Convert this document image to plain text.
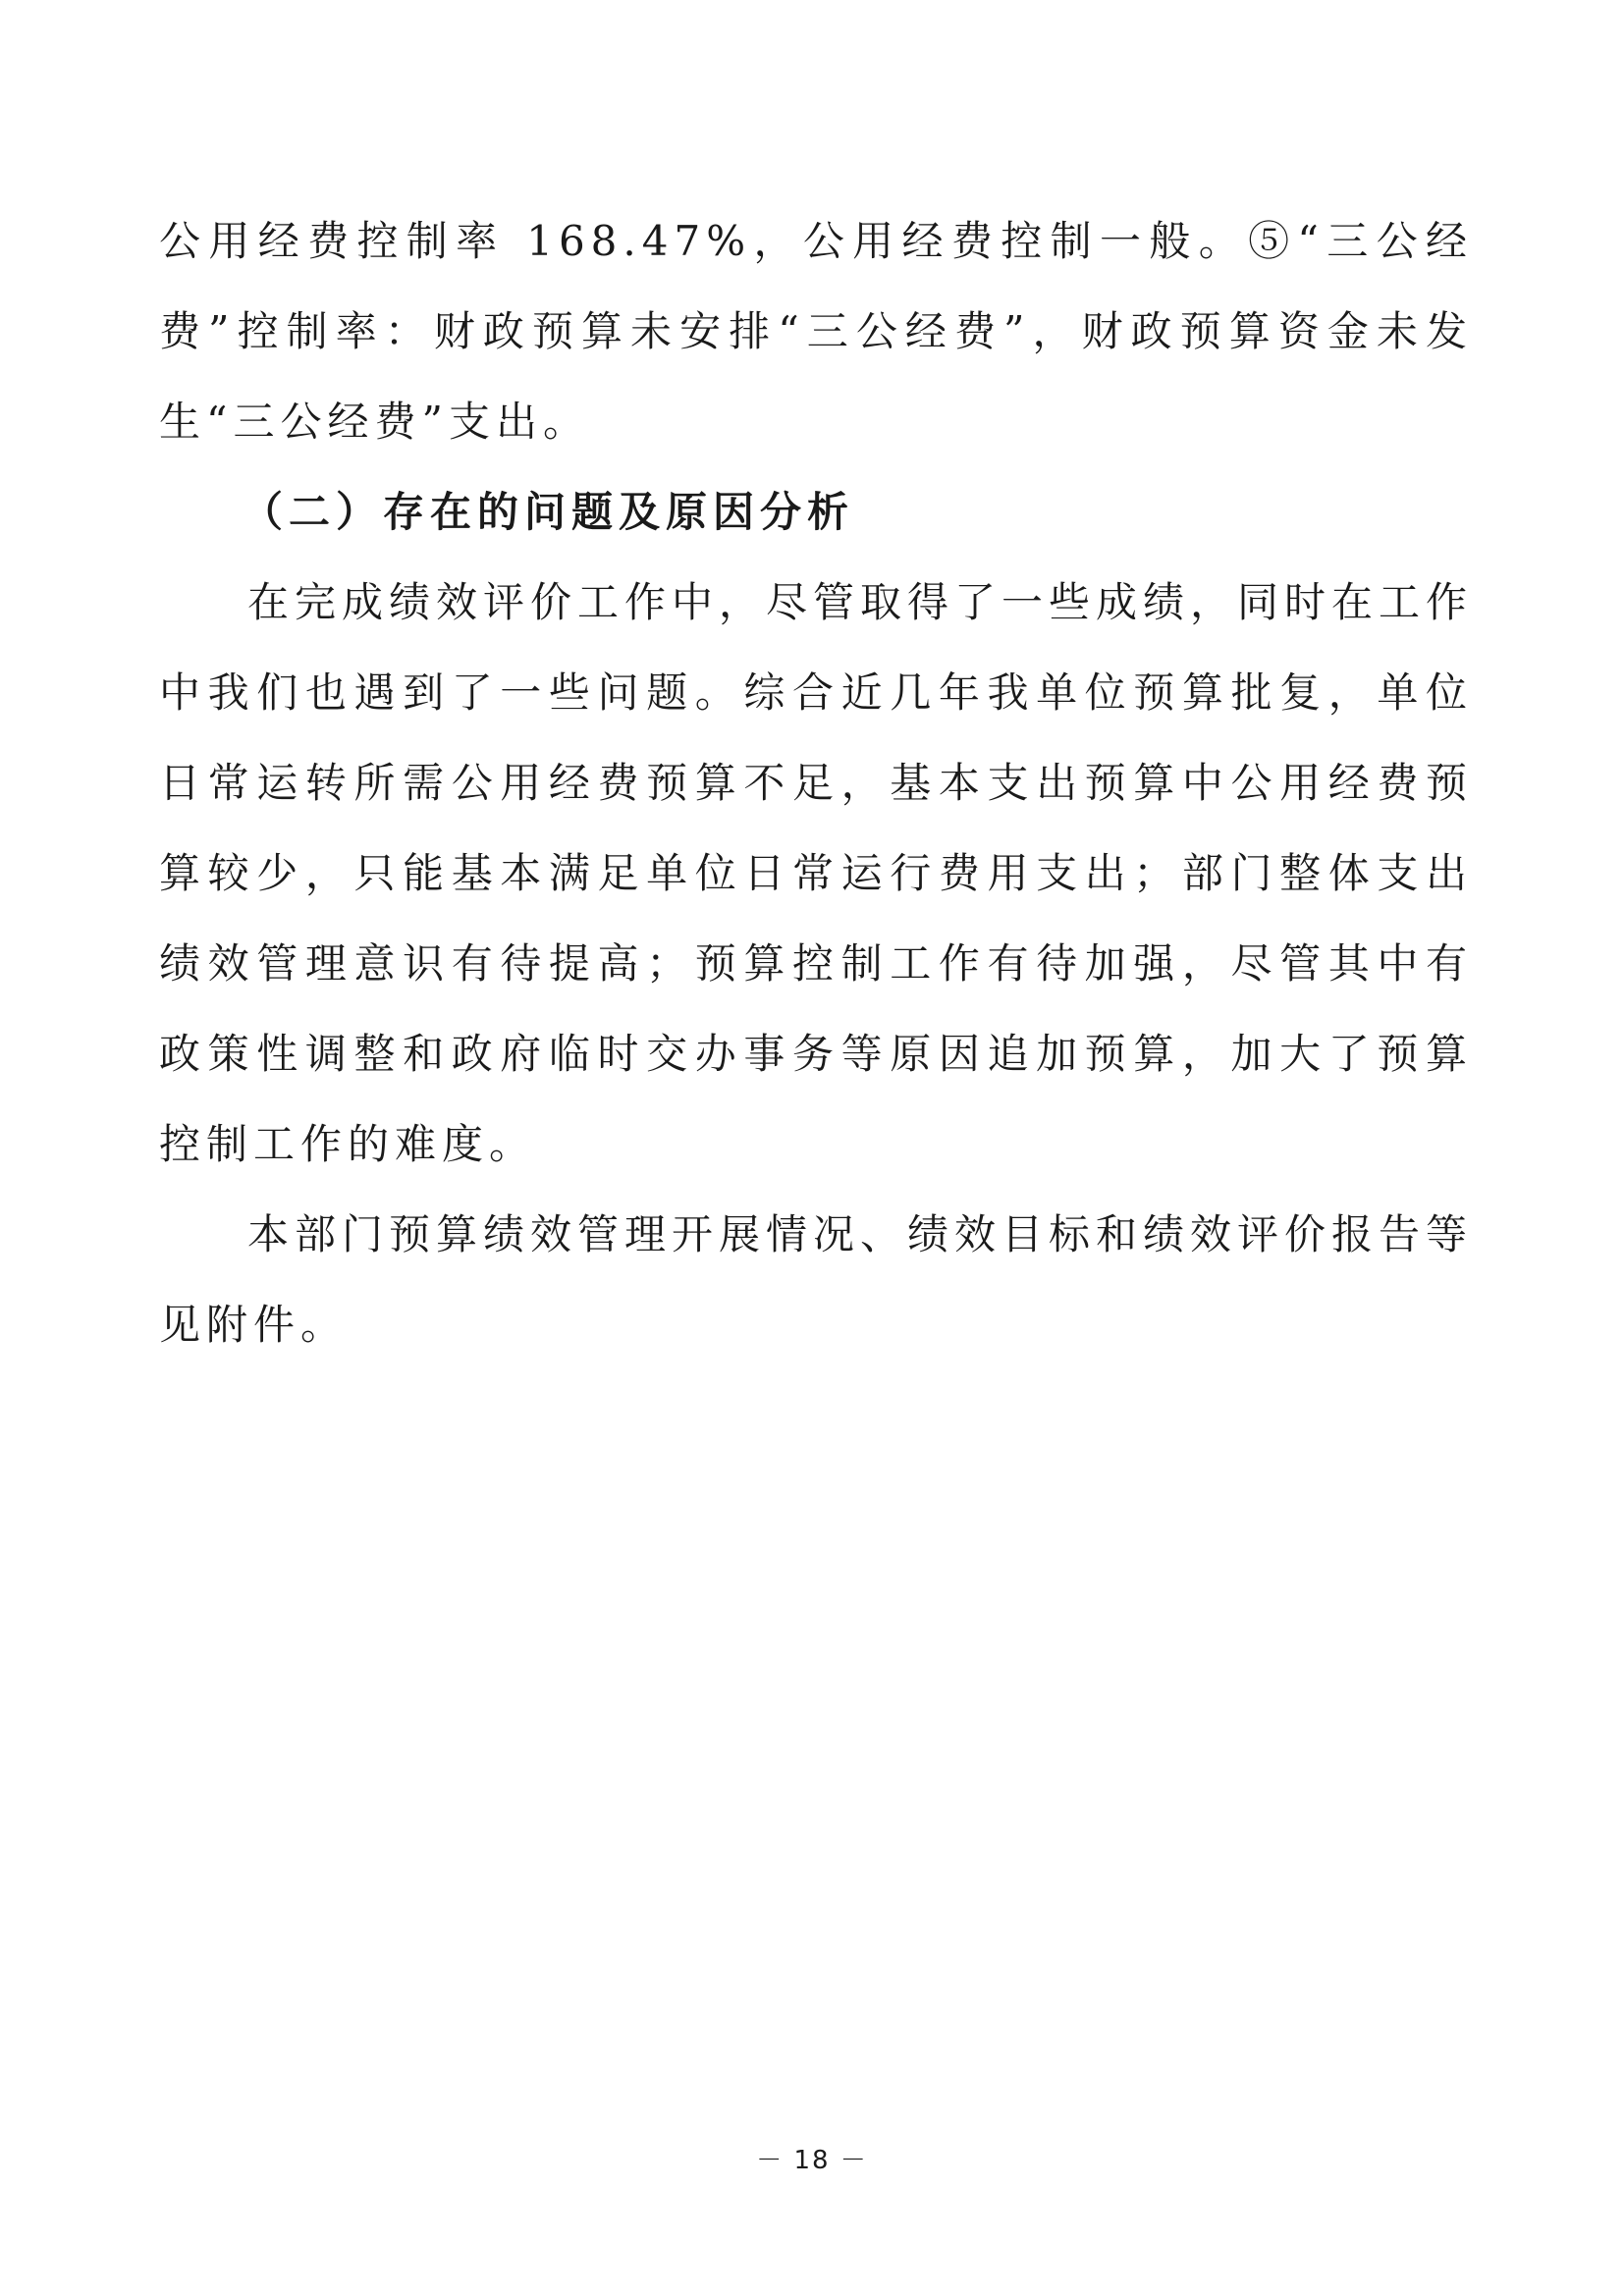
公用经费控制率 168.47%，公用经费控制一般。⑤“三公经费”控制率：财政预算未安排“三公经费”，财政预算资金未发生“三公经费”支出。

（二）存在的问题及原因分析

在完成绩效评价工作中，尽管取得了一些成绩，同时在工作中我们也遇到了一些问题。综合近几年我单位预算批复，单位日常运转所需公用经费预算不足，基本支出预算中公用经费预算较少，只能基本满足单位日常运行费用支出；部门整体支出绩效管理意识有待提高；预算控制工作有待加强，尽管其中有政策性调整和政府临时交办事务等原因追加预算，加大了预算控制工作的难度。

本部门预算绩效管理开展情况、绩效目标和绩效评价报告等见附件。

－ 18 －
